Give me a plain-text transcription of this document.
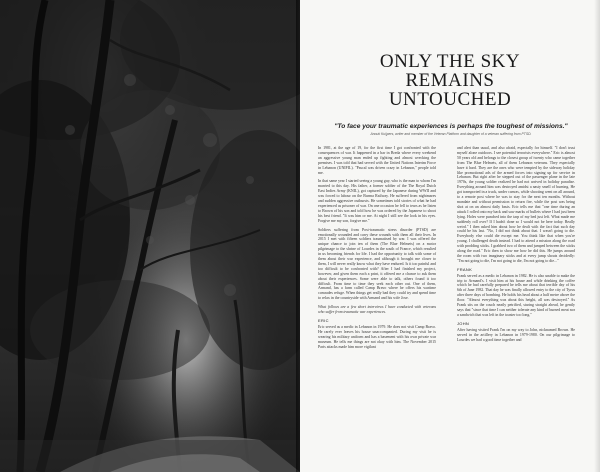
ONLY THE SKY
REMAINS
UNTOUCHED
"To face your traumatic experiences is perhaps the toughest of missions."
Anouk Kuijpers, writer and member of the Veteran Platform and daughter of a veteran suffering from PTSD.

In 1981, at the age of 19, for the first time I got confronted with the consequences of war. It happened in a bar in Breda where every weekend an aggressive young man ended up fighting and almost wrecking the premises. I was told that had served with the United Nations Interim Force in Lebanon (UNIFIL). "Pascal was driven crazy in Lebanon," people told me.

In that same year I started seeing a young guy, who is the man to whom I'm married to this day. His father, a former soldier of the The Royal Dutch East Indies Army (KNIL), got captured by the Japanese during WWII and was forced to labour on the Burma Railway. He suffered from nightmares and sudden aggressive outbursts. He sometimes told stories of what he had experienced as prisoner of war. On one occasion he fell to tears as he listen to Brown of his son and told how he was ordered by the Japanese to shoot his best friend. "It was him or me. At night I still see the look in his eyes. Forgive me my son, forgive me."

Soldiers suffering from Post-traumatic stress disorder (PTSD) are emotionally wounded and carry these wounds with them all their lives. In 2015 I met with fifteen soldiers traumatised by war. I was offered the unique chance to join ten of them (The Blue Helmets) on a motor pilgrimage to the shrine of Lourdes in the south of France, which resulted in us becoming friends for life. I had the opportunity to talk with some of them about their war experience, and although it brought me closer to them, I will never really know what they have endured. Is it too painful and too difficult to be confronted with? After I had finished my project, however, and given them each a print, it offered me a chance to ask them about their experiences. Some were able to talk, others found it too difficult. From time to time they seek each other out. One of them, Armand, has a farm called Camp Bravo where he offers his wartime comrades refuge. When things get really bad they could try and spend time to relax in the countryside with Armand and his wife Jose.

What follows are a few short interviews I have conducted with veterans who suffer from traumatic war experiences.

ERIC

Eric served as a medic in Lebanon in 1979. He does not visit Camp Bravo. He rarely ever leaves his house unaccompanied. During my visit he is wearing his military uniform and has a basement with his own private war museum. He tells me things are not okay with him. The November 2015 Paris attacks made him more vigilant

and alert than usual, and also afraid, especially for himself. "I don't trust myself alone outdoors. I see potential terrorists everywhere." Eric is almost 50 years old and belongs to the closest group of twenty who came together from The Blue Helmets, all of them Lebanon veterans. They especially have it hard. They are the ones who were tempted by the sideway holiday like promotional ads of the armed forces into signing up for service in Lebanon. But right after he stepped out of the passenger plane in the late 1970s, the young soldier realized he had not arrived in holiday paradise. Everything around him was destroyed amidst a nasty smell of burning. He got transported in a truck, under canvas, while shooting went on all around, to a remote post where he was to stay for the next ten months. Without mandate and without permission to return fire, while the post was being shot at on an almost daily basis. Eric tells me that "one time during an attack I rolled onto my back and saw marks of bullets where I had just been lying. Holes were punched into the tarp of my bed just left. What made me suddenly roll over? If I hadn't done so I would not be here today. Really weird." I then asked him about how he dealt with the fact that such day could be his last. "No, I did not think about that. I wasn't going to die. Everybody else could die except me. You think like that when you're young. I challenged death instead. I had to attend a mission along the road with prodding sticks. I grabbed two of them and jumped between the sticks along the road." Eric then to show me how he did this. He jumps around the room with two imaginary sticks and at every jump shouts decidedly: "I'm not going to die, I'm not going to die, I'm not going to die..."

FRANK

Frank served as a medic in Lebanon in 1982. He is also unable to make the trip to Armand's. I visit him at his house and while drinking the coffee which he had carefully prepared he tells me about that terrible day of his 6th of June 1982. That day he was finally allowed entry to the city of Tyrus after three days of bombing. He holds his head about a half metre above the floor. "Almost everything was about this height, all was destroyed." As Frank sits on the couch neatly petrified, staring straight ahead, he gently says that "since that time I can neither tolerate any kind of burned meat nor a sandwich that was left in the toaster too long."

JOHN

After having visited Frank I'm on my way to John, nicknamed Brown. He served in the artillery in Lebanon in 1979-1980. On our pilgrimage to Lourdes we had a good time together and
